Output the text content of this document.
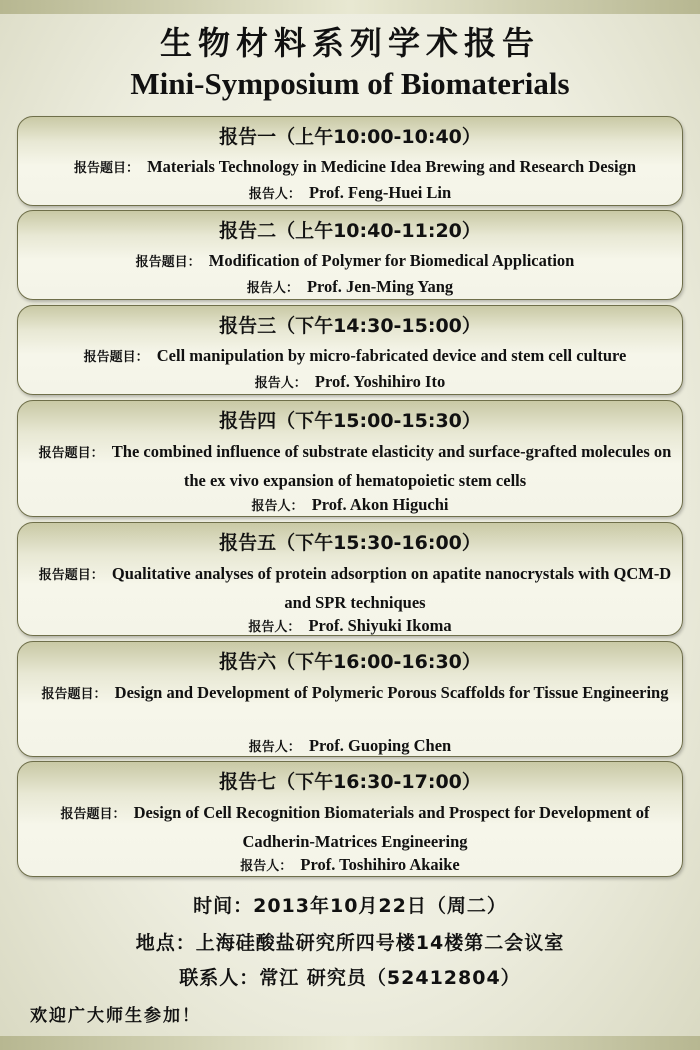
生物材料系列学术报告
Mini-Symposium of Biomaterials
报告一（上午10:00-10:40）
报告题目： Materials Technology in Medicine Idea Brewing and Research Design
报告人： Prof. Feng-Huei Lin
报告二（上午10:40-11:20）
报告题目： Modification of Polymer for Biomedical Application
报告人： Prof. Jen-Ming Yang
报告三（下午14:30-15:00）
报告题目： Cell manipulation by micro-fabricated device and stem cell culture
报告人： Prof. Yoshihiro Ito
报告四（下午15:00-15:30）
报告题目： The combined influence of substrate elasticity and surface-grafted molecules on the ex vivo expansion of hematopoietic stem cells
报告人： Prof. Akon Higuchi
报告五（下午15:30-16:00）
报告题目： Qualitative analyses of protein adsorption on apatite nanocrystals with QCM-D and SPR techniques
报告人： Prof. Shiyuki Ikoma
报告六（下午16:00-16:30）
报告题目： Design and Development of Polymeric Porous Scaffolds for Tissue Engineering
报告人： Prof. Guoping Chen
报告七（下午16:30-17:00）
报告题目： Design of Cell Recognition Biomaterials and Prospect for Development of Cadherin-Matrices Engineering
报告人： Prof. Toshihiro Akaike
时间：2013年10月22日（周二）
地点：上海硅酸盐研究所四号楼14楼第二会议室
联系人：常江 研究员（52412804）
欢迎广大师生参加！
